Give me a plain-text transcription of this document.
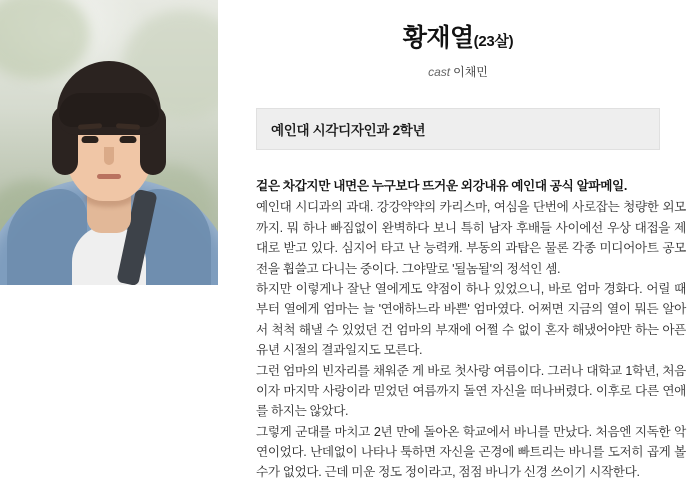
황재열(23살)
cast 이채민
예인대 시각디자인과 2학년
겉은 차갑지만 내면은 누구보다 뜨거운 외강내유 예인대 공식 알파메일.

예인대 시디과의 과대. 강강약약의 카리스마, 여심을 단번에 사로잡는 청량한 외모까지. 뭐 하나 빠짐없이 완벽하다 보니 특히 남자 후배들 사이에선 우상 대접을 제대로 받고 있다. 심지어 타고 난 능력캐. 부동의 과탑은 물론 각종 미디어아트 공모전을 휩쓸고 다니는 중이다. 그야말로 '될놈될'의 정석인 셈.

하지만 이렇게나 잘난 열에게도 약점이 하나 있었으니, 바로 엄마 경화다. 어릴 때부터 열에게 엄마는 늘 '연애하느라 바쁜' 엄마였다. 어쩌면 지금의 열이 뭐든 알아서 척척 해낼 수 있었던 건 엄마의 부재에 어쩔 수 없이 혼자 해냈어야만 하는 아픈 유년 시절의 결과일지도 모른다.

그런 엄마의 빈자리를 채워준 게 바로 첫사랑 여름이다. 그러나 대학교 1학년, 처음이자 마지막 사랑이라 믿었던 여름까지 돌연 자신을 떠나버렸다. 이후로 다른 연애를 하지는 않았다.

그렇게 군대를 마치고 2년 만에 돌아온 학교에서 바니를 만났다. 처음엔 지독한 악연이었다. 난데없이 나타나 툭하면 자신을 곤경에 빠트리는 바니를 도저히 곱게 볼 수가 없었다. 근데 미운 정도 정이라고, 점점 바니가 신경 쓰이기 시작한다.
